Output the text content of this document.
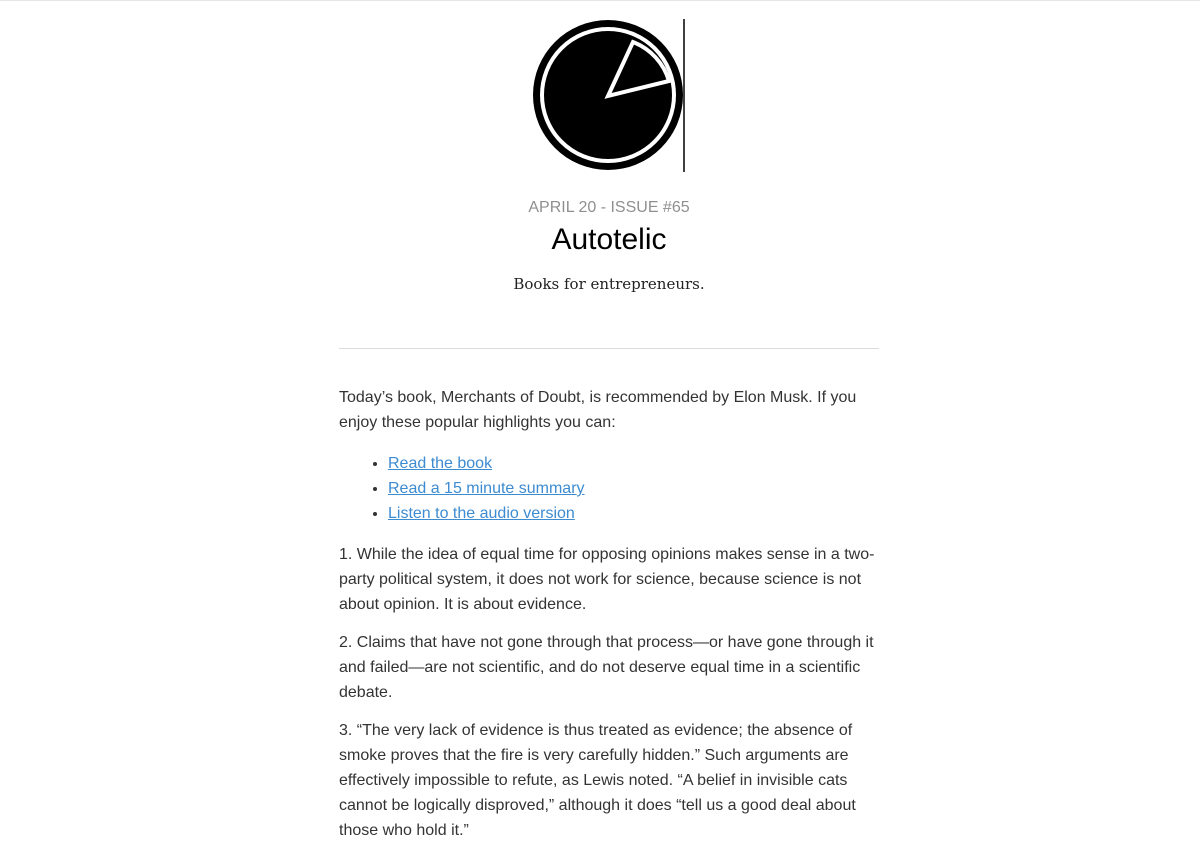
APRIL 20 - ISSUE #65
Autotelic
Books for entrepreneurs.

Today’s book, Merchants of Doubt, is recommended by Elon Musk. If you enjoy these popular highlights you can:

• Read the book
• Read a 15 minute summary
• Listen to the audio version

1. While the idea of equal time for opposing opinions makes sense in a two-party political system, it does not work for science, because science is not about opinion. It is about evidence.

2. Claims that have not gone through that process—or have gone through it and failed—are not scientific, and do not deserve equal time in a scientific debate.

3. “The very lack of evidence is thus treated as evidence; the absence of smoke proves that the fire is very carefully hidden.” Such arguments are effectively impossible to refute, as Lewis noted. “A belief in invisible cats cannot be logically disproved,” although it does “tell us a good deal about those who hold it.”
